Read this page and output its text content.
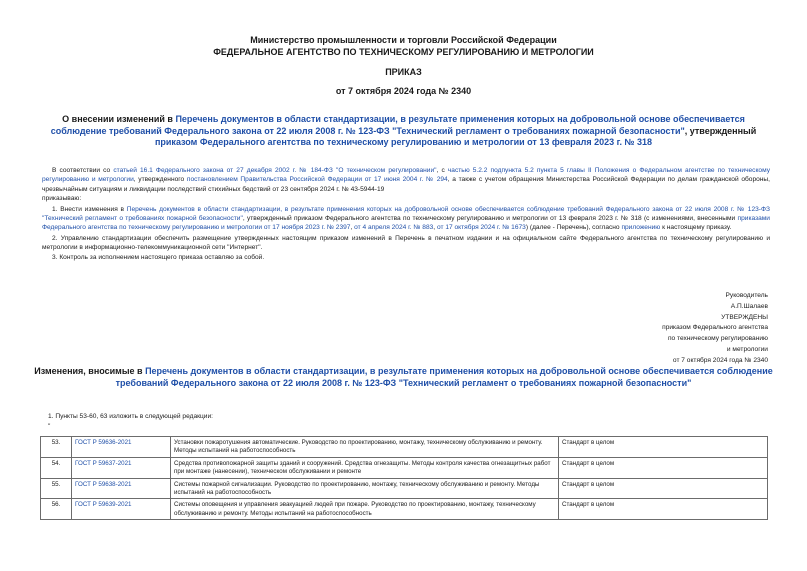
Министерство промышленности и торговли Российской Федерации
ФЕДЕРАЛЬНОЕ АГЕНТСТВО ПО ТЕХНИЧЕСКОМУ РЕГУЛИРОВАНИЮ И МЕТРОЛОГИИ
ПРИКАЗ
от 7 октября 2024 года № 2340
О внесении изменений в Перечень документов в области стандартизации, в результате применения которых на добровольной основе обеспечивается соблюдение требований Федерального закона от 22 июля 2008 г. № 123-ФЗ "Технический регламент о требованиях пожарной безопасности", утвержденный приказом Федерального агентства по техническому регулированию и метрологии от 13 февраля 2023 г. № 318

В соответствии со статьей 16.1 Федерального закона от 27 декабря 2002 г. № 184-ФЗ "О техническом регулировании", с частью 5.2.2 подпункта 5.2 пункта 5 главы II Положения о Федеральном агентстве по техническому регулированию и метрологии, утвержденного постановлением Правительства Российской Федерации от 17 июня 2004 г. № 294, а также с учетом обращения Министерства Российской Федерации по делам гражданской обороны, чрезвычайным ситуациям и ликвидации последствий стихийных бедствий от 23 сентября 2024 г. № 43-5944-19

приказываю:

1. Внести изменения в Перечень документов в области стандартизации, в результате применения которых на добровольной основе обеспечивается соблюдение требований Федерального закона от 22 июля 2008 г. № 123-ФЗ "Технический регламент о требованиях пожарной безопасности", утвержденный приказом Федерального агентства по техническому регулированию и метрологии от 13 февраля 2023 г. № 318 (с изменениями, внесенными приказами Федерального агентства по техническому регулированию и метрологии от 17 ноября 2023 г. № 2397, от 4 апреля 2024 г. № 883, от 17 октября 2024 г. № 1673) (далее - Перечень), согласно приложению к настоящему приказу.

2. Управлению стандартизации обеспечить размещение утвержденных настоящим приказом изменений в Перечень в печатном издании и на официальном сайте Федерального агентства по техническому регулированию и метрологии в информационно-телекоммуникационной сети "Интернет".

3. Контроль за исполнением настоящего приказа оставляю за собой.

Руководитель
А.П.Шалаев
УТВЕРЖДЕНЫ
приказом Федерального агентства
по техническому регулированию
и метрологии
от 7 октября 2024 года № 2340
Изменения, вносимые в Перечень документов в области стандартизации, в результате применения которых на добровольной основе обеспечивается соблюдение требований Федерального закона от 22 июля 2008 г. № 123-ФЗ "Технический регламент о требованиях пожарной безопасности"
1. Пункты 53-60, 63 изложить в следующей редакции:
"
53.	ГОСТ Р 59636-2021	Установки пожаротушения автоматические. Руководство по проектированию, монтажу, техническому обслуживанию и ремонту. Методы испытаний на работоспособность	Стандарт в целом
54.	ГОСТ Р 59637-2021	Средства противопожарной защиты зданий и сооружений. Средства огнезащиты. Методы контроля качества огнезащитных работ при монтаже (нанесении), техническом обслуживании и ремонте	Стандарт в целом
55.	ГОСТ Р 59638-2021	Системы пожарной сигнализации. Руководство по проектированию, монтажу, техническому обслуживанию и ремонту. Методы испытаний на работоспособность	Стандарт в целом
56.	ГОСТ Р 59639-2021	Системы оповещения и управления эвакуацией людей при пожаре. Руководство по проектированию, монтажу, техническому обслуживанию и ремонту. Методы испытаний на работоспособность	Стандарт в целом
